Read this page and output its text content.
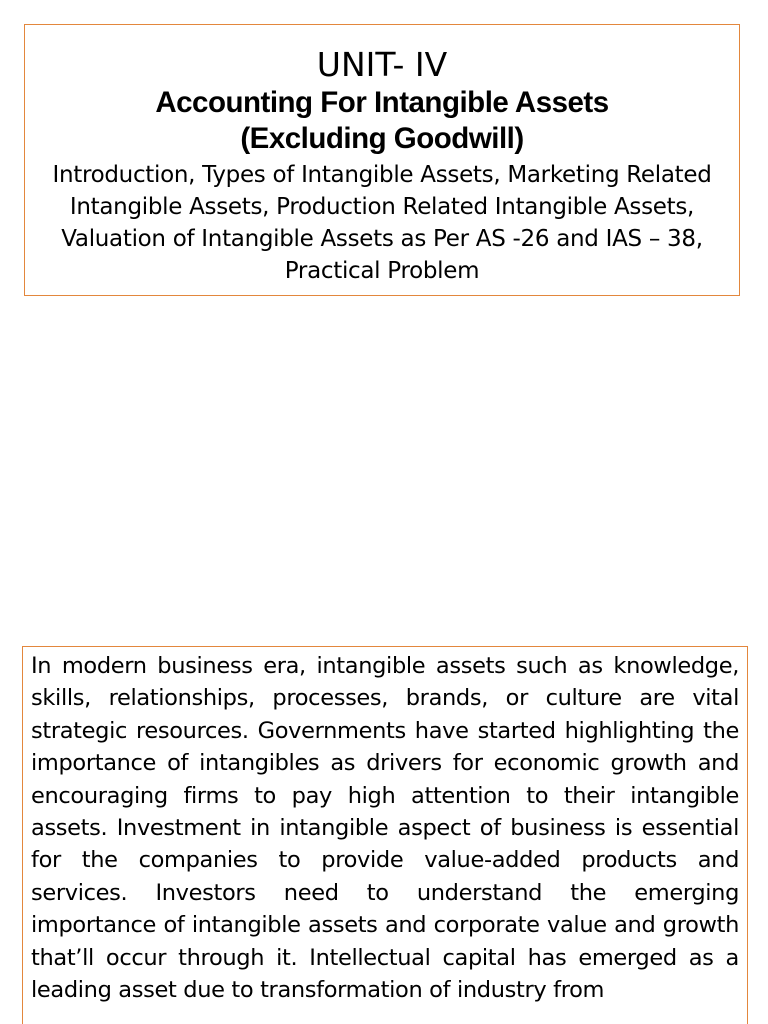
UNIT- IV
Accounting For Intangible Assets
(Excluding Goodwill)
Introduction, Types of Intangible Assets, Marketing Related Intangible Assets, Production Related Intangible Assets, Valuation of Intangible Assets as Per AS -26 and IAS – 38, Practical Problem

In modern business era, intangible assets such as knowledge, skills, relationships, processes, brands, or culture are vital strategic resources. Governments have started highlighting the importance of intangibles as drivers for economic growth and encouraging firms to pay high attention to their intangible assets. Investment in intangible aspect of business is essential for the companies to provide value-added products and services. Investors need to understand the emerging importance of intangible assets and corporate value and growth that’ll occur through it. Intellectual capital has emerged as a leading asset due to transformation of industry from
